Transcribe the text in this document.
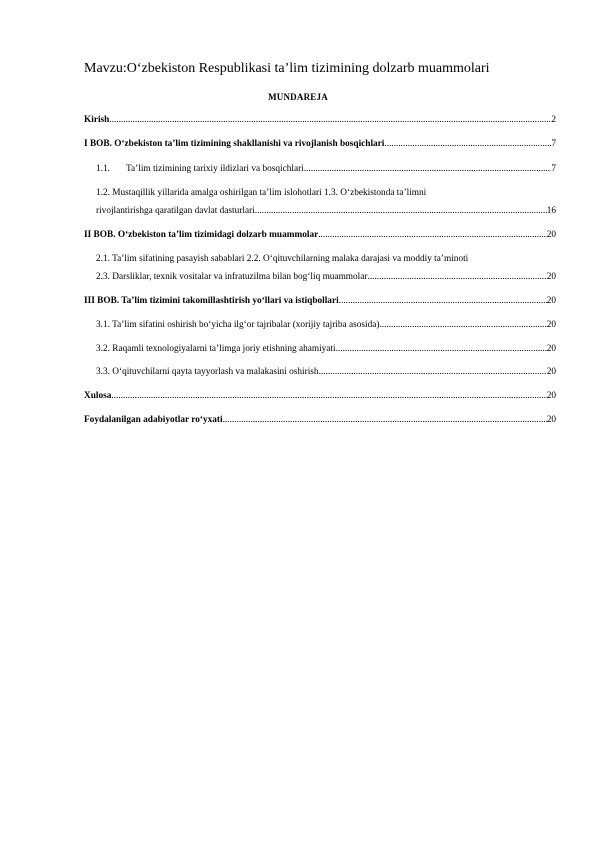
Mavzu:O‘zbekiston Respublikasi ta’lim tizimining dolzarb muammolari
MUNDAREJA
Kirish .....	2
I BOB. O‘zbekiston ta’lim tizimining shakllanishi va rivojlanish bosqichlari .....	7
1.1. Ta’lim tizimining tarixiy ildizlari va bosqichlari .....	7
1.2. Mustaqillik yillarida amalga oshirilgan ta’lim islohotlari 1.3. O‘zbekistonda ta’limni
rivojlantirishga qaratilgan davlat dasturlari .....	16
II BOB. O‘zbekiston ta’lim tizimidagi dolzarb muammolar .....	20
2.1. Ta’lim sifatining pasayish sabablari 2.2. O‘qituvchilarning malaka darajasi va moddiy ta’minoti
2.3. Darsliklar, texnik vositalar va infratuzilma bilan bog‘liq muammolar .....	20
III BOB. Ta’lim tizimini takomillashtirish yo‘llari va istiqbollari .....	20
3.1. Ta’lim sifatini oshirish bo‘yicha ilg‘or tajribalar (xorijiy tajriba asosida) .....	20
3.2. Raqamli texnologiyalarni ta’limga joriy etishning ahamiyati .....	20
3.3. O‘qituvchilarni qayta tayyorlash va malakasini oshirish .....	20
Xulosa .....	20
Foydalanilgan adabiyotlar ro‘yxati .....	20
